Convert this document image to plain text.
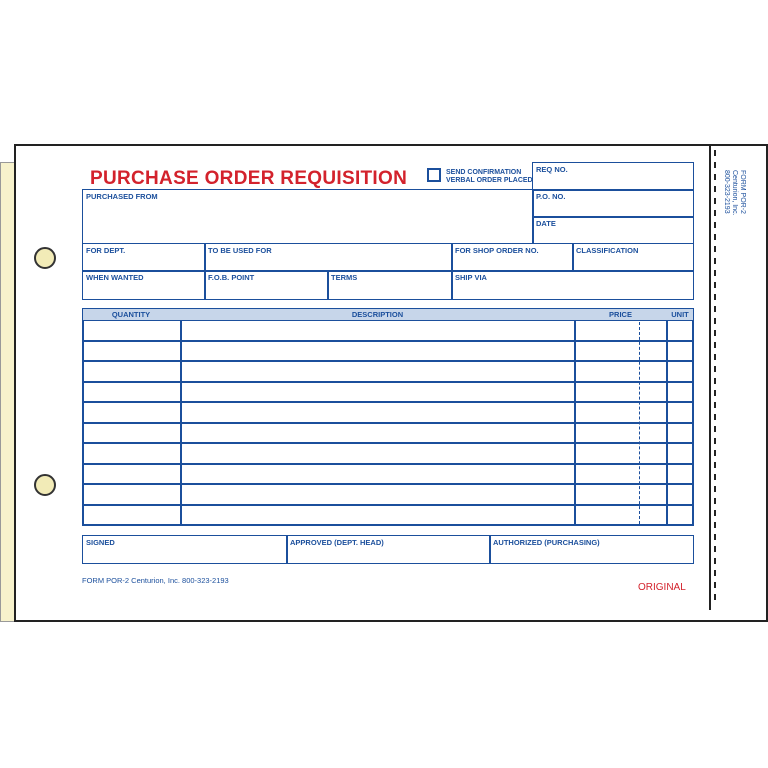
PURCHASE ORDER REQUISITION	SEND CONFIRMATION
VERBAL ORDER PLACED
REQ NO.
P.O. NO.
DATE
PURCHASED FROM
FOR DEPT.	TO BE USED FOR	FOR SHOP ORDER NO.	CLASSIFICATION
WHEN WANTED	F.O.B. POINT	TERMS	SHIP VIA
QUANTITY	DESCRIPTION	PRICE	UNIT
SIGNED	APPROVED (DEPT. HEAD)	AUTHORIZED (PURCHASING)
FORM POR-2 Centurion, Inc. 800-323-2193
ORIGINAL
FORM POR-2
Centurion, Inc.
800-323-2193
